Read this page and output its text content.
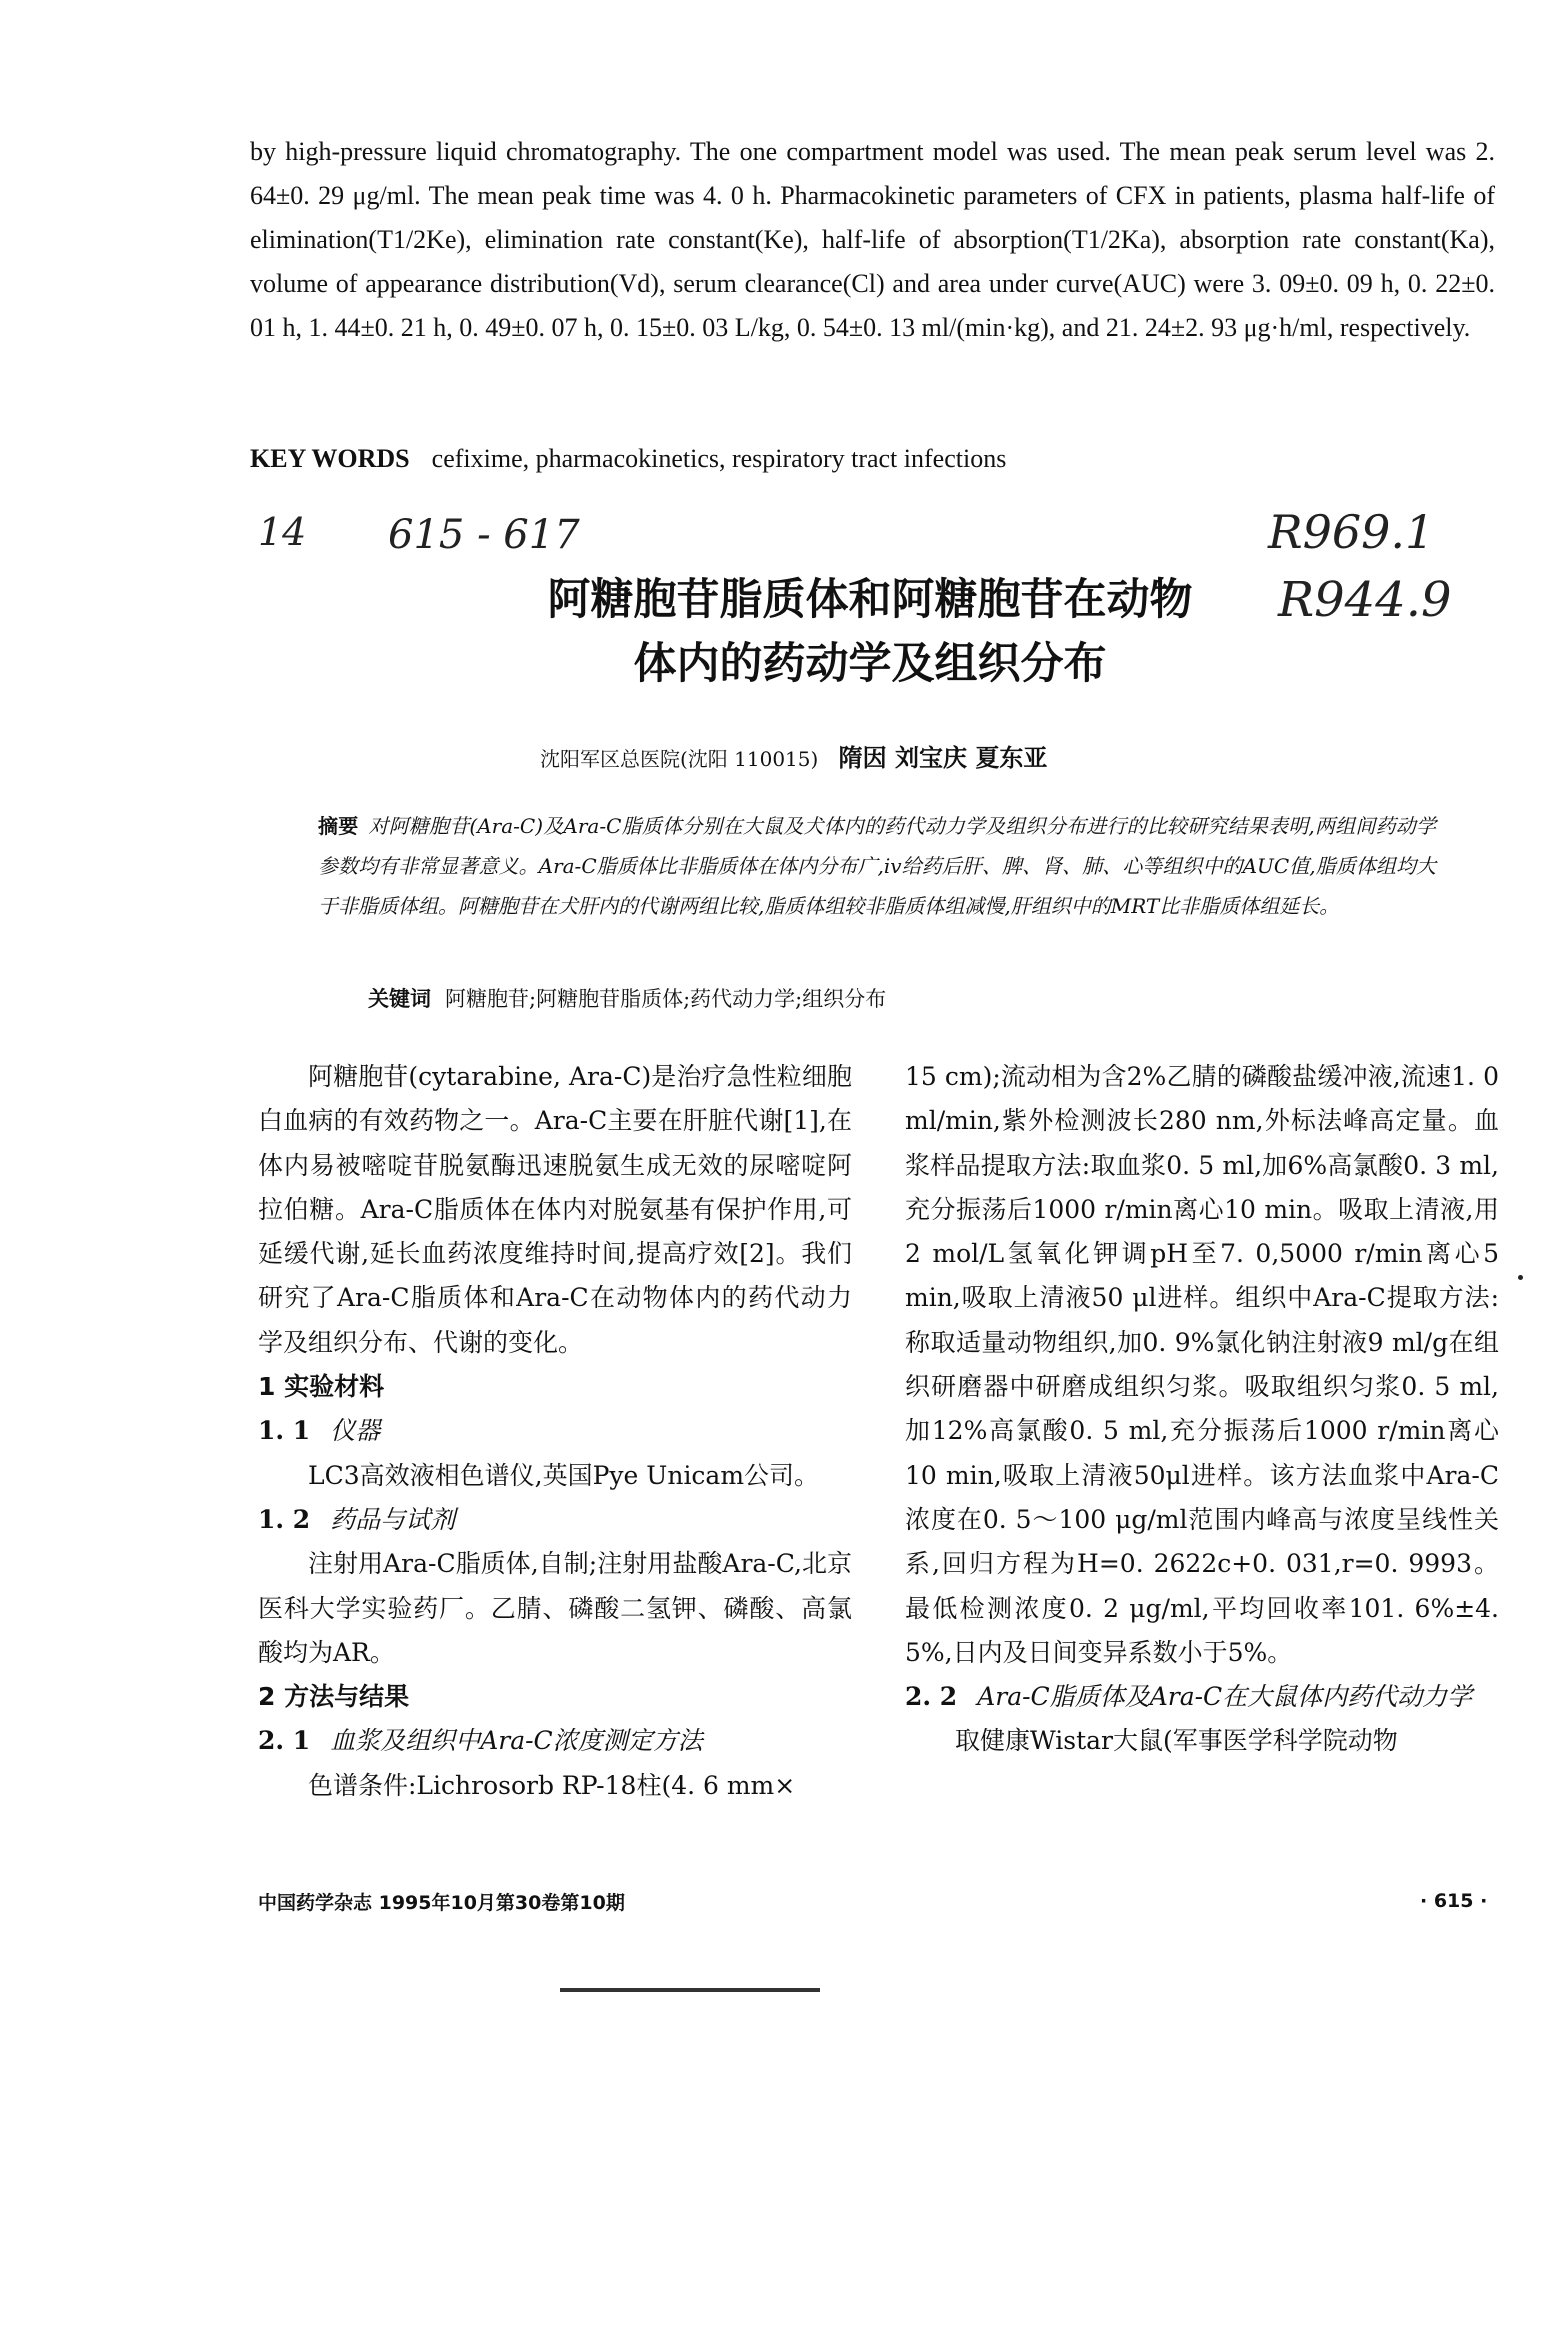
by high-pressure liquid chromatography. The one compartment model was used. The mean peak serum level was 2. 64±0. 29 μg/ml. The mean peak time was 4. 0 h. Pharmacokinetic parameters of CFX in patients, plasma half-life of elimination(T1/2Ke), elimination rate constant(Ke), half-life of absorption(T1/2Ka), absorption rate constant(Ka), volume of appearance distribution(Vd), serum clearance(Cl) and area under curve(AUC) were 3. 09±0. 09 h, 0. 22±0. 01 h, 1. 44±0. 21 h, 0. 49±0. 07 h, 0. 15±0. 03 L/kg, 0. 54±0. 13 ml/(min·kg), and 21. 24±2. 93 μg·h/ml, respectively.

KEY WORDS cefixime, pharmacokinetics, respiratory tract infections
14 615 - 617	R969.1
R944.9
阿糖胞苷脂质体和阿糖胞苷在动物
体内的药动学及组织分布
沈阳军区总医院(沈阳 110015) 隋因 刘宝庆 夏东亚
摘要 对阿糖胞苷(Ara-C)及Ara-C脂质体分别在大鼠及犬体内的药代动力学及组织分布进行的比较研究结果表明,两组间药动学参数均有非常显著意义。Ara-C脂质体比非脂质体在体内分布广,iv给药后肝、脾、肾、肺、心等组织中的AUC值,脂质体组均大于非脂质体组。阿糖胞苷在犬肝内的代谢两组比较,脂质体组较非脂质体组减慢,肝组织中的MRT比非脂质体组延长。
关键词 阿糖胞苷;阿糖胞苷脂质体;药代动力学;组织分布

阿糖胞苷(cytarabine, Ara-C)是治疗急性粒细胞白血病的有效药物之一。Ara-C主要在肝脏代谢[1],在体内易被嘧啶苷脱氨酶迅速脱氨生成无效的尿嘧啶阿拉伯糖。Ara-C脂质体在体内对脱氨基有保护作用,可延缓代谢,延长血药浓度维持时间,提高疗效[2]。我们研究了Ara-C脂质体和Ara-C在动物体内的药代动力学及组织分布、代谢的变化。

1 实验材料

1. 1 仪器

LC3高效液相色谱仪,英国Pye Unicam公司。

1. 2 药品与试剂

注射用Ara-C脂质体,自制;注射用盐酸Ara-C,北京医科大学实验药厂。乙腈、磷酸二氢钾、磷酸、高氯酸均为AR。

2 方法与结果

2. 1 血浆及组织中Ara-C浓度测定方法

色谱条件:Lichrosorb RP-18柱(4. 6 mm×

15 cm);流动相为含2%乙腈的磷酸盐缓冲液,流速1. 0 ml/min,紫外检测波长280 nm,外标法峰高定量。血浆样品提取方法:取血浆0. 5 ml,加6%高氯酸0. 3 ml,充分振荡后1000 r/min离心10 min。吸取上清液,用2 mol/L氢氧化钾调pH至7. 0,5000 r/min离心5 min,吸取上清液50 μl进样。组织中Ara-C提取方法:称取适量动物组织,加0. 9%氯化钠注射液9 ml/g在组织研磨器中研磨成组织匀浆。吸取组织匀浆0. 5 ml,加12%高氯酸0. 5 ml,充分振荡后1000 r/min离心10 min,吸取上清液50μl进样。该方法血浆中Ara-C浓度在0. 5～100 μg/ml范围内峰高与浓度呈线性关系,回归方程为H=0. 2622c+0. 031,r=0. 9993。最低检测浓度0. 2 μg/ml,平均回收率101. 6%±4. 5%,日内及日间变异系数小于5%。

2. 2 Ara-C脂质体及Ara-C在大鼠体内药代动力学

取健康Wistar大鼠(军事医学科学院动物

中国药学杂志 1995年10月第30卷第10期	· 615 ·
